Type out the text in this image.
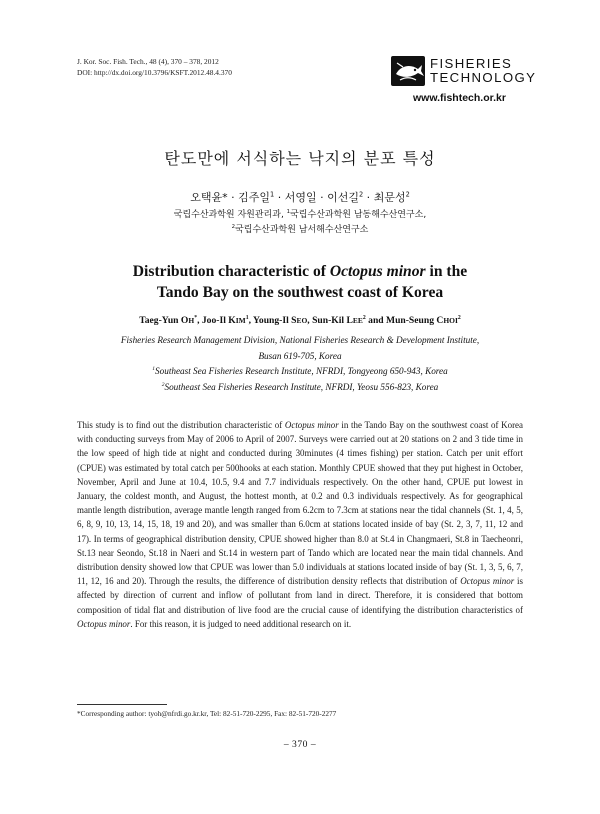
J. Kor. Soc. Fish. Tech., 48 (4), 370 – 378, 2012
DOI: http://dx.doi.org/10.3796/KSFT.2012.48.4.370
FISHERIES
TECHNOLOGY
www.fishtech.or.kr
탄도만에 서식하는 낙지의 분포 특성
오택윤* · 김주일$^1$ · 서영일 · 이선길$^2$ · 최문성$^2$
국립수산과학원 자원관리과, $^1$국립수산과학원 남동해수산연구소,
$^2$국립수산과학원 남서해수산연구소
Distribution characteristic of Octopus minor in the
Tando Bay on the southwest coast of Korea
Taeg-Yun OH*, Joo-Il KIM$^1$, Young-Il SEO, Sun-Kil LEE$^2$ and Mun-Seung CHOI$^2$
Fisheries Research Management Division, National Fisheries Research & Development Institute,
Busan 619-705, Korea
$^1$Southeast Sea Fisheries Research Institute, NFRDI, Tongyeong 650-943, Korea
$^2$Southeast Sea Fisheries Research Institute, NFRDI, Yeosu 556-823, Korea
This study is to find out the distribution characteristic of Octopus minor in the Tando Bay on the southwest coast of Korea with conducting surveys from May of 2006 to April of 2007. Surveys were carried out at 20 stations on 2 and 3 tide time in the low speed of high tide at night and conducted during 30minutes (4 times fishing) per station. Catch per unit effort (CPUE) was estimated by total catch per 500hooks at each station. Monthly CPUE showed that they put highest in October, November, April and June at 10.4, 10.5, 9.4 and 7.7 individuals respectively. On the other hand, CPUE put lowest in January, the coldest month, and August, the hottest month, at 0.2 and 0.3 individuals respectively. As for geographical mantle length distribution, average mantle length ranged from 6.2cm to 7.3cm at stations near the tidal channels (St. 1, 4, 5, 6, 8, 9, 10, 13, 14, 15, 18, 19 and 20), and was smaller than 6.0cm at stations located inside of bay (St. 2, 3, 7, 11, 12 and 17). In terms of geographical distribution density, CPUE showed higher than 8.0 at St.4 in Changmaeri, St.8 in Taecheonri, St.13 near Seondo, St.18 in Naeri and St.14 in western part of Tando which are located near the main tidal channels. And distribution density showed low that CPUE was lower than 5.0 individuals at stations located inside of bay (St. 1, 3, 5, 6, 7, 11, 12, 16 and 20). Through the results, the difference of distribution density reflects that distribution of Octopus minor is affected by direction of current and inflow of pollutant from land in direct. Therefore, it is considered that bottom composition of tidal flat and distribution of live food are the crucial cause of identifying the distribution characteristics of Octopus minor. For this reason, it is judged to need additional research on it.
*Corresponding author: tyoh@nfrdi.go.kr.kr, Tel: 82-51-720-2295, Fax: 82-51-720-2277
– 370 –
